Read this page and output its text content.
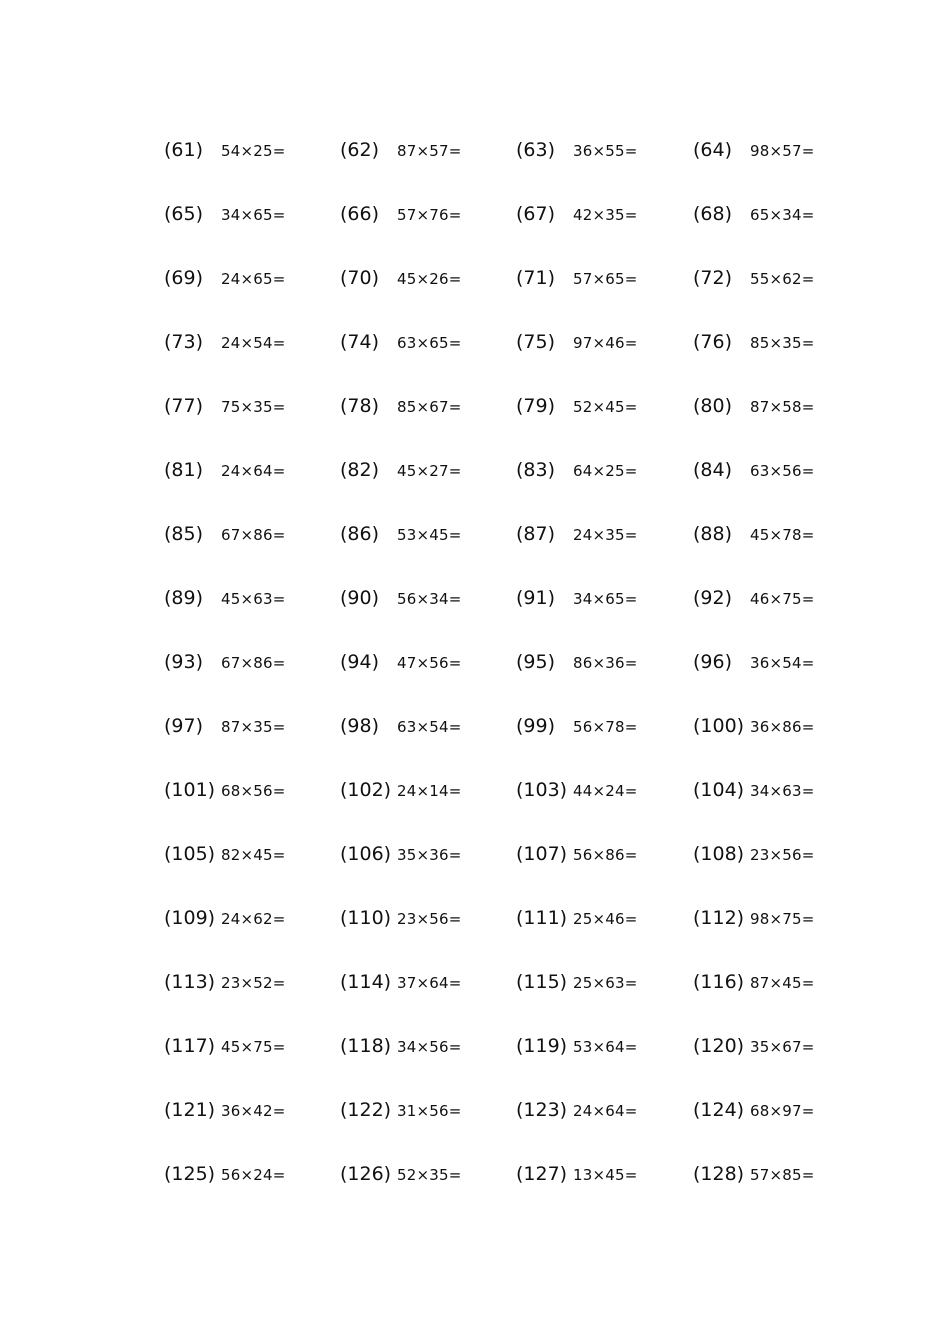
(61) 54×25=	(62) 87×57=	(63) 36×55=	(64) 98×57=
(65) 34×65=	(66) 57×76=	(67) 42×35=	(68) 65×34=
(69) 24×65=	(70) 45×26=	(71) 57×65=	(72) 55×62=
(73) 24×54=	(74) 63×65=	(75) 97×46=	(76) 85×35=
(77) 75×35=	(78) 85×67=	(79) 52×45=	(80) 87×58=
(81) 24×64=	(82) 45×27=	(83) 64×25=	(84) 63×56=
(85) 67×86=	(86) 53×45=	(87) 24×35=	(88) 45×78=
(89) 45×63=	(90) 56×34=	(91) 34×65=	(92) 46×75=
(93) 67×86=	(94) 47×56=	(95) 86×36=	(96) 36×54=
(97) 87×35=	(98) 63×54=	(99) 56×78=	(100) 36×86=
(101) 68×56=	(102) 24×14=	(103) 44×24=	(104) 34×63=
(105) 82×45=	(106) 35×36=	(107) 56×86=	(108) 23×56=
(109) 24×62=	(110) 23×56=	(111) 25×46=	(112) 98×75=
(113) 23×52=	(114) 37×64=	(115) 25×63=	(116) 87×45=
(117) 45×75=	(118) 34×56=	(119) 53×64=	(120) 35×67=
(121) 36×42=	(122) 31×56=	(123) 24×64=	(124) 68×97=
(125) 56×24=	(126) 52×35=	(127) 13×45=	(128) 57×85=
